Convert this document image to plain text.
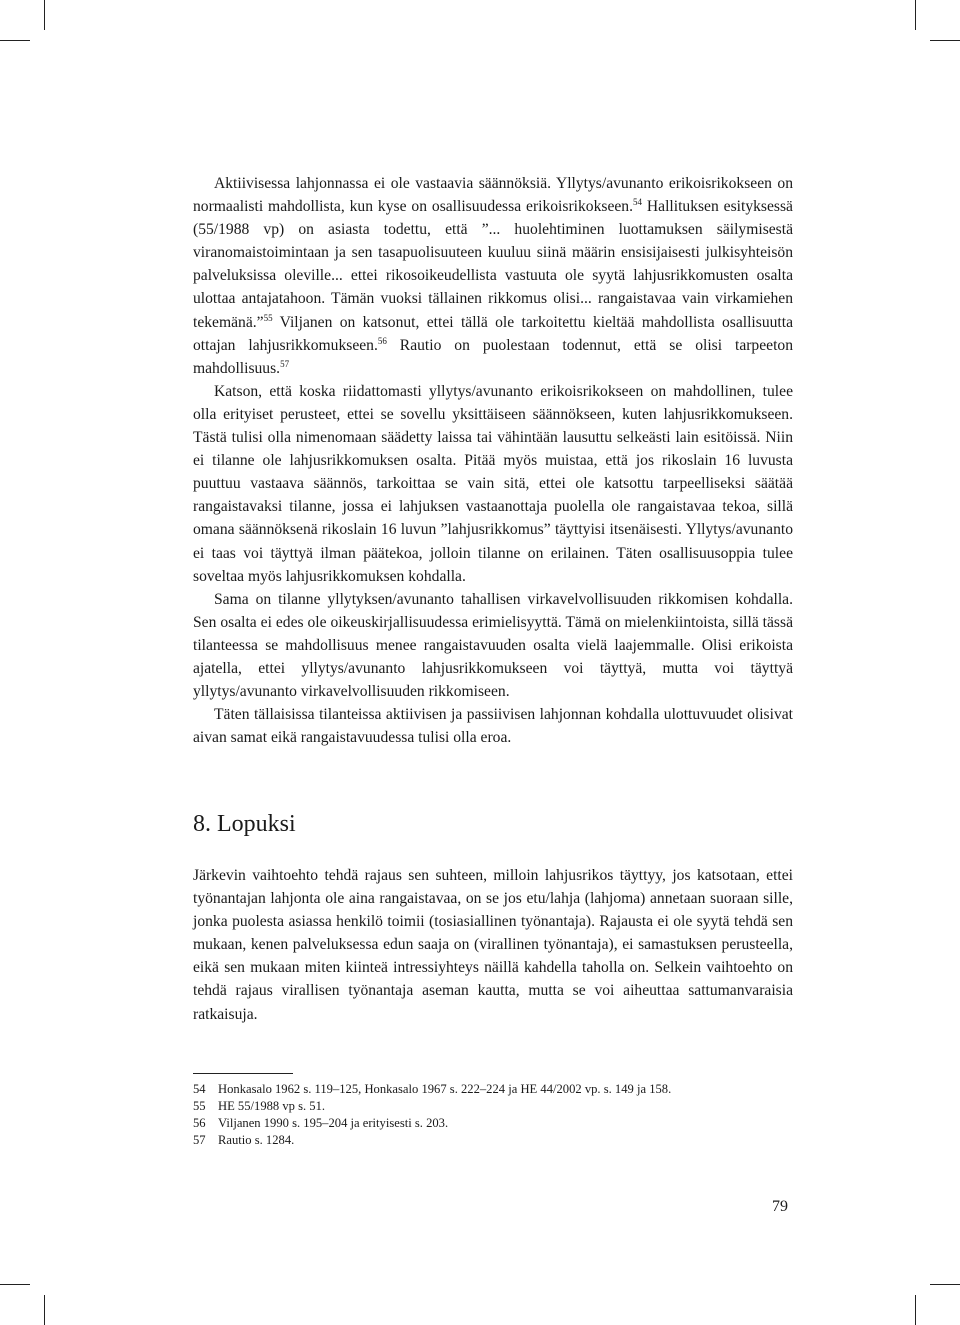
Aktiivisessa lahjonnassa ei ole vastaavia säännöksiä. Yllytys/avunanto erikoisrikokseen on normaalisti mahdollista, kun kyse on osallisuudessa erikoisrikokseen.$^{54}$ Hallituksen esityksessä (55/1988 vp) on asiasta todettu, että ”... huolehtiminen luottamuksen säilymisestä viranomaistoimintaan ja sen tasapuolisuuteen kuuluu siinä määrin ensisijaisesti julkisyhteisön palveluksissa oleville... ettei rikosoikeudellista vastuuta ole syytä lahjusrikkomusten osalta ulottaa antajatahoon. Tämän vuoksi tällainen rikkomus olisi... rangaistavaa vain virkamiehen tekemänä.”$^{55}$ Viljanen on katsonut, ettei tällä ole tarkoitettu kieltää mahdollista osallisuutta ottajan lahjusrikkomukseen.$^{56}$ Rautio on puolestaan todennut, että se olisi tarpeeton mahdollisuus.$^{57}$

Katson, että koska riidattomasti yllytys/avunanto erikoisrikokseen on mahdollinen, tulee olla erityiset perusteet, ettei se sovellu yksittäiseen säännökseen, kuten lahjusrikkomukseen. Tästä tulisi olla nimenomaan säädetty laissa tai vähintään lausuttu selkeästi lain esitöissä. Niin ei tilanne ole lahjusrikkomuksen osalta. Pitää myös muistaa, että jos rikoslain 16 luvusta puuttuu vastaava säännös, tarkoittaa se vain sitä, ettei ole katsottu tarpeelliseksi säätää rangaistavaksi tilanne, jossa ei lahjuksen vastaanottaja puolella ole rangaistavaa tekoa, sillä omana säännöksenä rikoslain 16 luvun ”lahjusrikkomus” täyttyisi itsenäisesti. Yllytys/avunanto ei taas voi täyttyä ilman päätekoa, jolloin tilanne on erilainen. Täten osallisuusoppia tulee soveltaa myös lahjusrikkomuksen kohdalla.

Sama on tilanne yllytyksen/avunanto tahallisen virkavelvollisuuden rikkomisen kohdalla. Sen osalta ei edes ole oikeuskirjallisuudessa erimielisyyttä. Tämä on mielenkiintoista, sillä tässä tilanteessa se mahdollisuus menee rangaistavuuden osalta vielä laajemmalle. Olisi erikoista ajatella, ettei yllytys/avunanto lahjusrikkomukseen voi täyttyä, mutta voi täyttyä yllytys/avunanto virkavelvollisuuden rikkomiseen.

Täten tällaisissa tilanteissa aktiivisen ja passiivisen lahjonnan kohdalla ulottuvuudet olisivat aivan samat eikä rangaistavuudessa tulisi olla eroa.

8. Lopuksi

Järkevin vaihtoehto tehdä rajaus sen suhteen, milloin lahjusrikos täyttyy, jos katsotaan, ettei työnantajan lahjonta ole aina rangaistavaa, on se jos etu/lahja (lahjoma) annetaan suoraan sille, jonka puolesta asiassa henkilö toimii (tosiasiallinen työnantaja). Rajausta ei ole syytä tehdä sen mukaan, kenen palveluksessa edun saaja on (virallinen työnantaja), ei samastuksen perusteella, eikä sen mukaan miten kiinteä intressiyhteys näillä kahdella taholla on. Selkein vaihtoehto on tehdä rajaus virallisen työnantaja aseman kautta, mutta se voi aiheuttaa sattumanvaraisia ratkaisuja.

54 Honkasalo 1962 s. 119–125, Honkasalo 1967 s. 222–224 ja HE 44/2002 vp. s. 149 ja 158.
55 HE 55/1988 vp s. 51.
56 Viljanen 1990 s. 195–204 ja erityisesti s. 203.
57 Rautio s. 1284.
79
